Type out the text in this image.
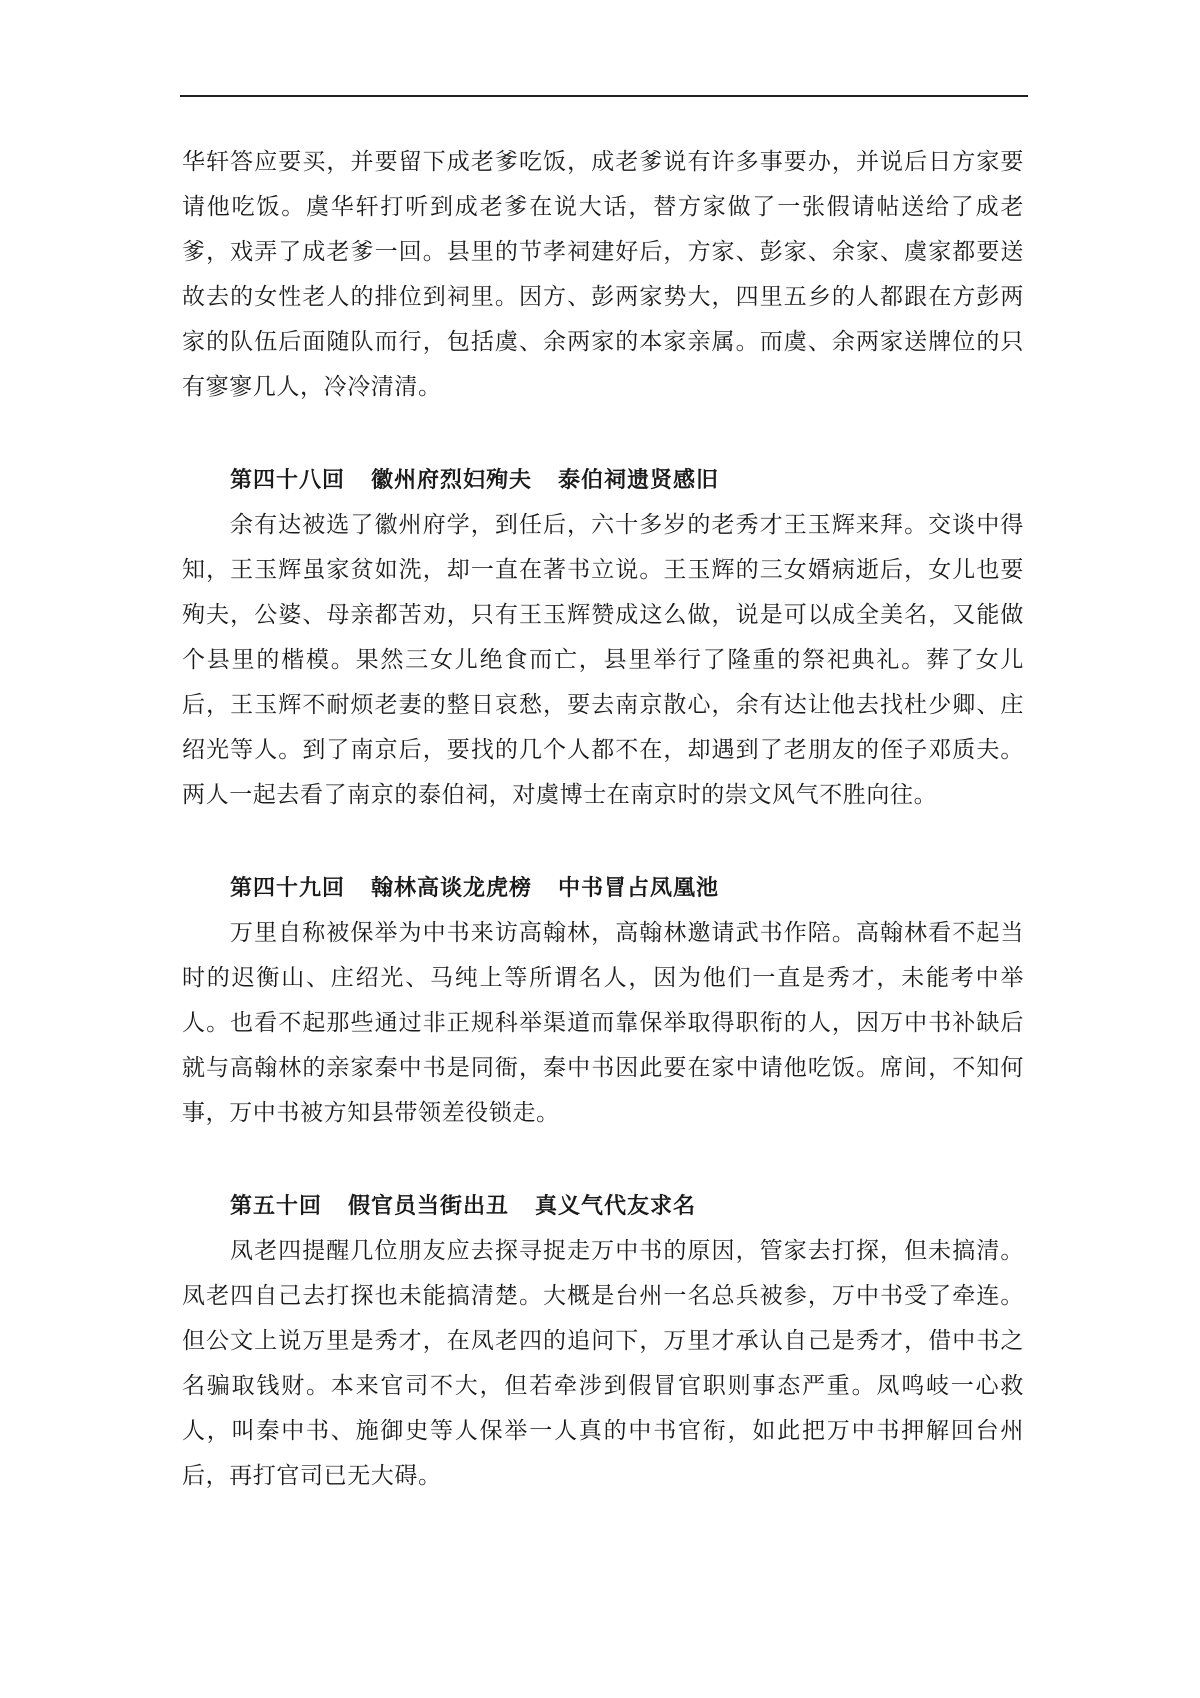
华轩答应要买，并要留下成老爹吃饭，成老爹说有许多事要办，并说后日方家要请他吃饭。虞华轩打听到成老爹在说大话，替方家做了一张假请帖送给了成老爹，戏弄了成老爹一回。县里的节孝祠建好后，方家、彭家、余家、虞家都要送故去的女性老人的排位到祠里。因方、彭两家势大，四里五乡的人都跟在方彭两家的队伍后面随队而行，包括虞、余两家的本家亲属。而虞、余两家送牌位的只有寥寥几人，冷冷清清。

第四十八回 徽州府烈妇殉夫 泰伯祠遗贤感旧

余有达被选了徽州府学，到任后，六十多岁的老秀才王玉辉来拜。交谈中得知，王玉辉虽家贫如洗，却一直在著书立说。王玉辉的三女婿病逝后，女儿也要殉夫，公婆、母亲都苦劝，只有王玉辉赞成这么做，说是可以成全美名，又能做个县里的楷模。果然三女儿绝食而亡，县里举行了隆重的祭祀典礼。葬了女儿后，王玉辉不耐烦老妻的整日哀愁，要去南京散心，余有达让他去找杜少卿、庄绍光等人。到了南京后，要找的几个人都不在，却遇到了老朋友的侄子邓质夫。两人一起去看了南京的泰伯祠，对虞博士在南京时的崇文风气不胜向往。

第四十九回 翰林高谈龙虎榜 中书冒占凤凰池

万里自称被保举为中书来访高翰林，高翰林邀请武书作陪。高翰林看不起当时的迟衡山、庄绍光、马纯上等所谓名人，因为他们一直是秀才，未能考中举人。也看不起那些通过非正规科举渠道而靠保举取得职衔的人，因万中书补缺后就与高翰林的亲家秦中书是同衙，秦中书因此要在家中请他吃饭。席间，不知何事，万中书被方知县带领差役锁走。

第五十回 假官员当街出丑 真义气代友求名

凤老四提醒几位朋友应去探寻捉走万中书的原因，管家去打探，但未搞清。凤老四自己去打探也未能搞清楚。大概是台州一名总兵被参，万中书受了牵连。但公文上说万里是秀才，在凤老四的追问下，万里才承认自己是秀才，借中书之名骗取钱财。本来官司不大，但若牵涉到假冒官职则事态严重。凤鸣岐一心救人，叫秦中书、施御史等人保举一人真的中书官衔，如此把万中书押解回台州后，再打官司已无大碍。
